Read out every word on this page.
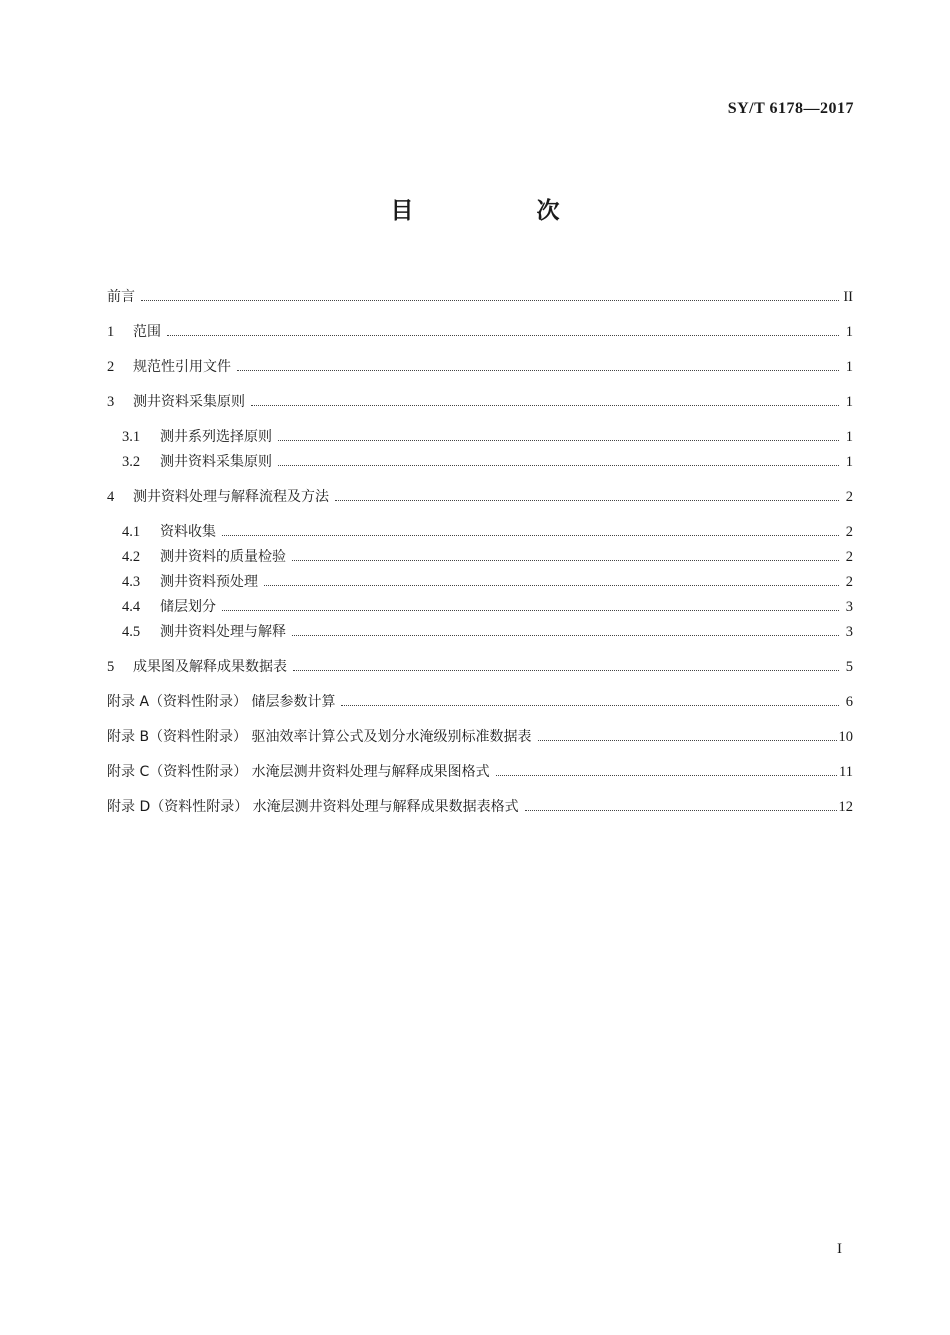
SY/T 6178—2017
目　次
前言	II
1	范围	1
2	规范性引用文件	1
3	测井资料采集原则	1
3.1	测井系列选择原则	1
3.2	测井资料采集原则	1
4	测井资料处理与解释流程及方法	2
4.1	资料收集	2
4.2	测井资料的质量检验	2
4.3	测井资料预处理	2
4.4	储层划分	3
4.5	测井资料处理与解释	3
5	成果图及解释成果数据表	5
附录 A（资料性附录） 储层参数计算	6
附录 B（资料性附录） 驱油效率计算公式及划分水淹级别标准数据表	10
附录 C（资料性附录） 水淹层测井资料处理与解释成果图格式	11
附录 D（资料性附录） 水淹层测井资料处理与解释成果数据表格式	12
I
